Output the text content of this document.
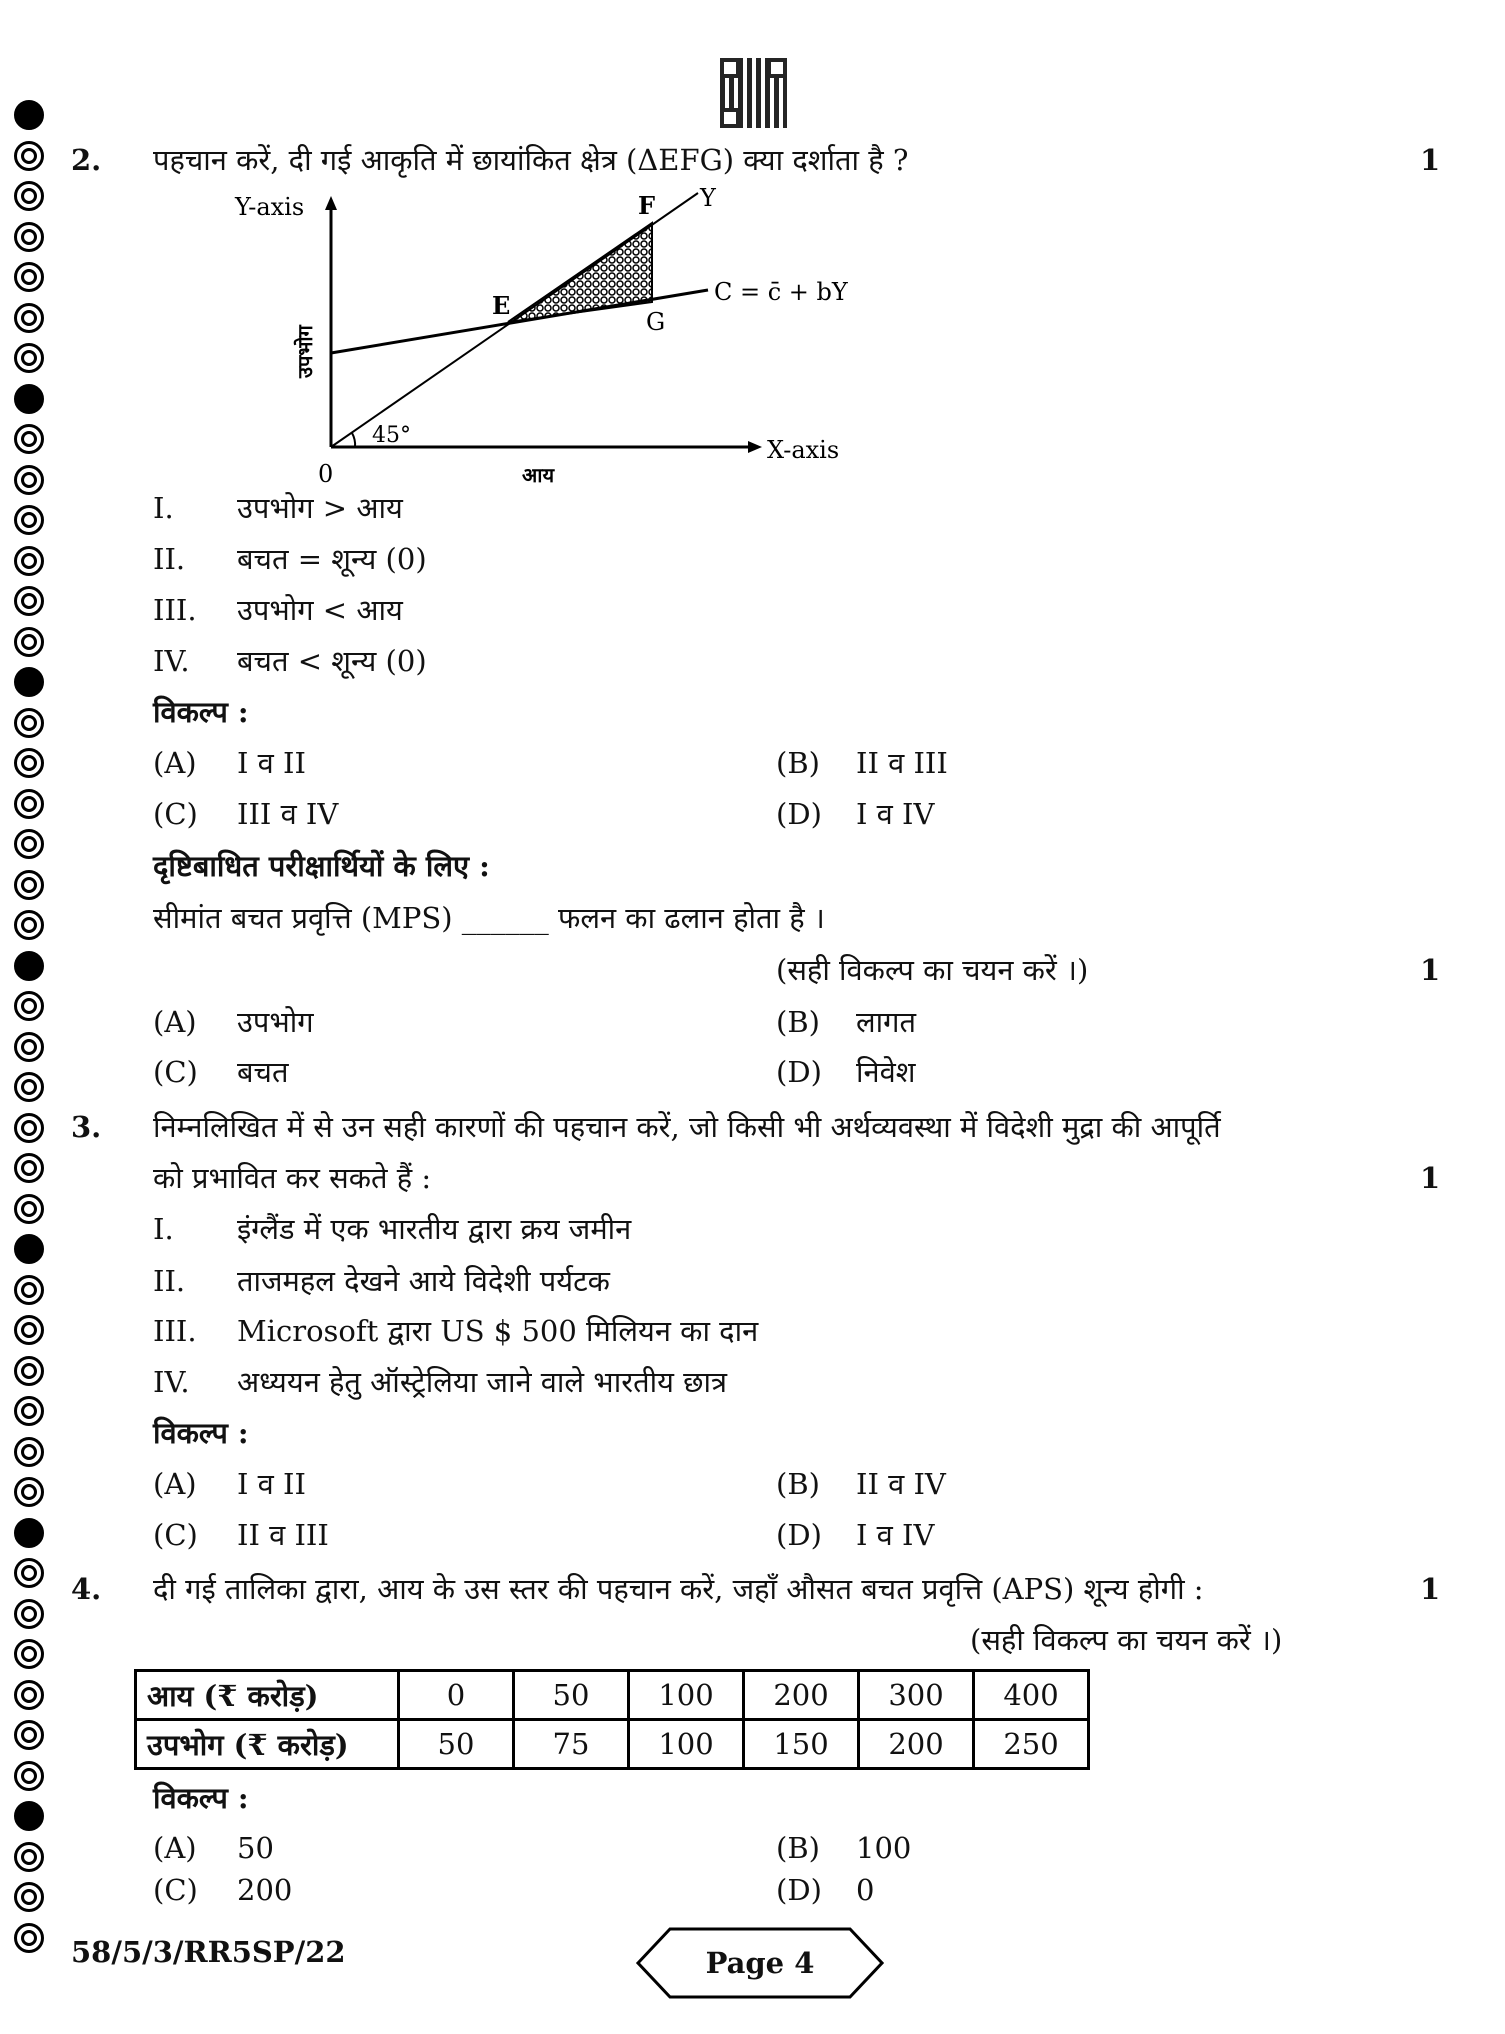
2. पहचान करें, दी गई आकृति में छायांकित क्षेत्र (ΔEFG) क्या दर्शाता है ?	1
Y-axis
X-axis
0	आय
उपभोग
45°
E
F
G
Y
C = c̄ + bY
I. उपभोग > आय
II. बचत = शून्य (0)
III. उपभोग < आय
IV. बचत < शून्य (0)
विकल्प :
(A) I व II	(B) II व III
(C) III व IV	(D) I व IV
दृष्टिबाधित परीक्षार्थियों के लिए :
सीमांत बचत प्रवृत्ति (MPS) ______ फलन का ढलान होता है ।
(सही विकल्प का चयन करें ।)	1
(A) उपभोग	(B) लागत
(C) बचत	(D) निवेश
3. निम्नलिखित में से उन सही कारणों की पहचान करें, जो किसी भी अर्थव्यवस्था में विदेशी मुद्रा की आपूर्ति
को प्रभावित कर सकते हैं :	1
I. इंग्लैंड में एक भारतीय द्वारा क्रय जमीन
II. ताजमहल देखने आये विदेशी पर्यटक
III. Microsoft द्वारा US $ 500 मिलियन का दान
IV. अध्ययन हेतु ऑस्ट्रेलिया जाने वाले भारतीय छात्र
विकल्प :
(A) I व II	(B) II व IV
(C) II व III	(D) I व IV
4. दी गई तालिका द्वारा, आय के उस स्तर की पहचान करें, जहाँ औसत बचत प्रवृत्ति (APS) शून्य होगी :	1
(सही विकल्प का चयन करें ।)
आय (₹ करोड़)	0	50	100	200	300	400
उपभोग (₹ करोड़)	50	75	100	150	200	250
विकल्प :
(A) 50	(B) 100
(C) 200	(D) 0
58/5/3/RR5SP/22	Page 4
